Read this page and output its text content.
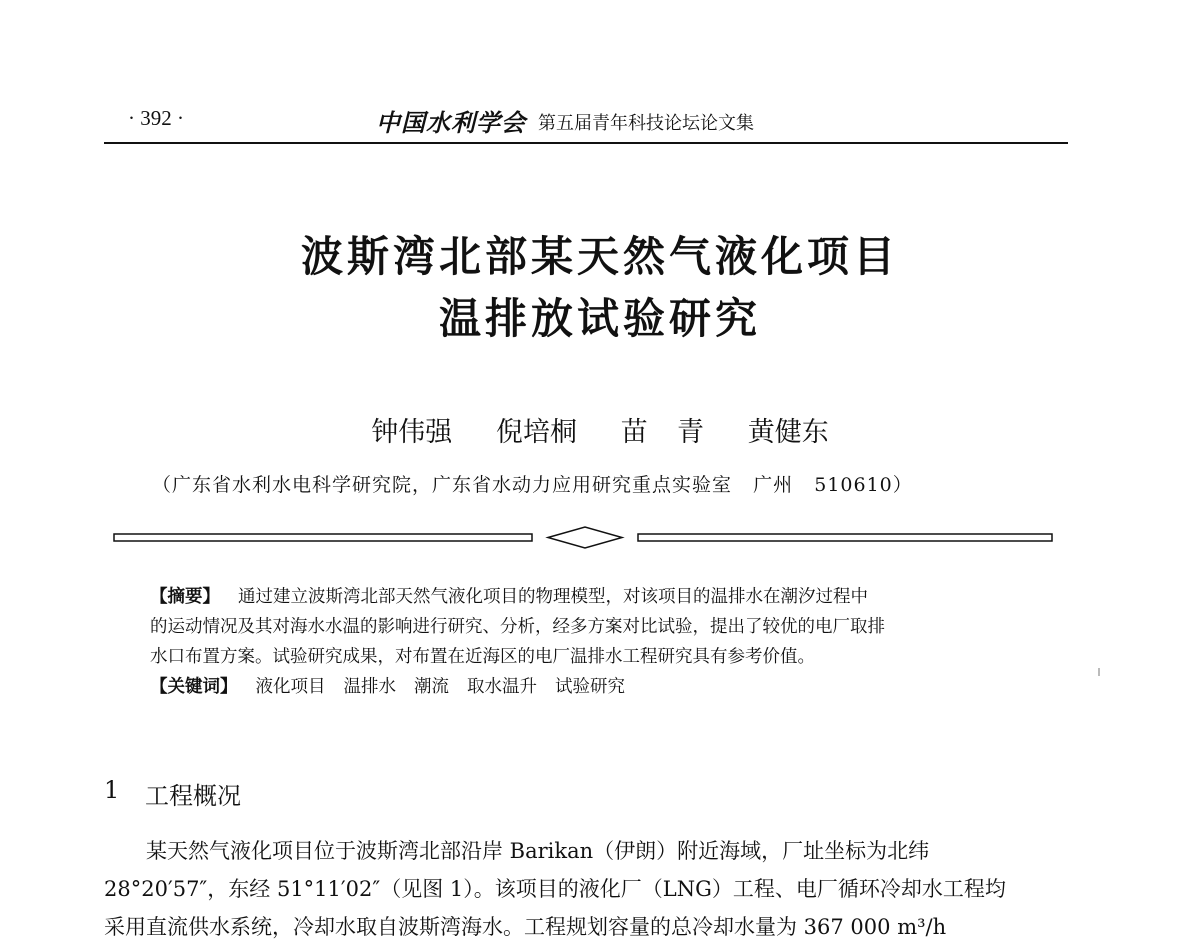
· 392 ·	中国水利学会 第五届青年科技论坛论文集
波斯湾北部某天然气液化项目
温排放试验研究
钟伟强   倪培桐   苗  青   黄健东
（广东省水利水电科学研究院，广东省水动力应用研究重点实验室   广州   510610）
【摘要】 通过建立波斯湾北部天然气液化项目的物理模型，对该项目的温排水在潮汐过程中
的运动情况及其对海水水温的影响进行研究、分析，经多方案对比试验，提出了较优的电厂取排
水口布置方案。试验研究成果，对布置在近海区的电厂温排水工程研究具有参考价值。
【关键词】 液化项目 温排水 潮流 取水温升 试验研究
1 工程概况
某天然气液化项目位于波斯湾北部沿岸 Barikan（伊朗）附近海域，厂址坐标为北纬
28°20′57″，东经 51°11′02″（见图 1）。该项目的液化厂（LNG）工程、电厂循环冷却水工程均
采用直流供水系统，冷却水取自波斯湾海水。工程规划容量的总冷却水量为 367 000 m³/h
